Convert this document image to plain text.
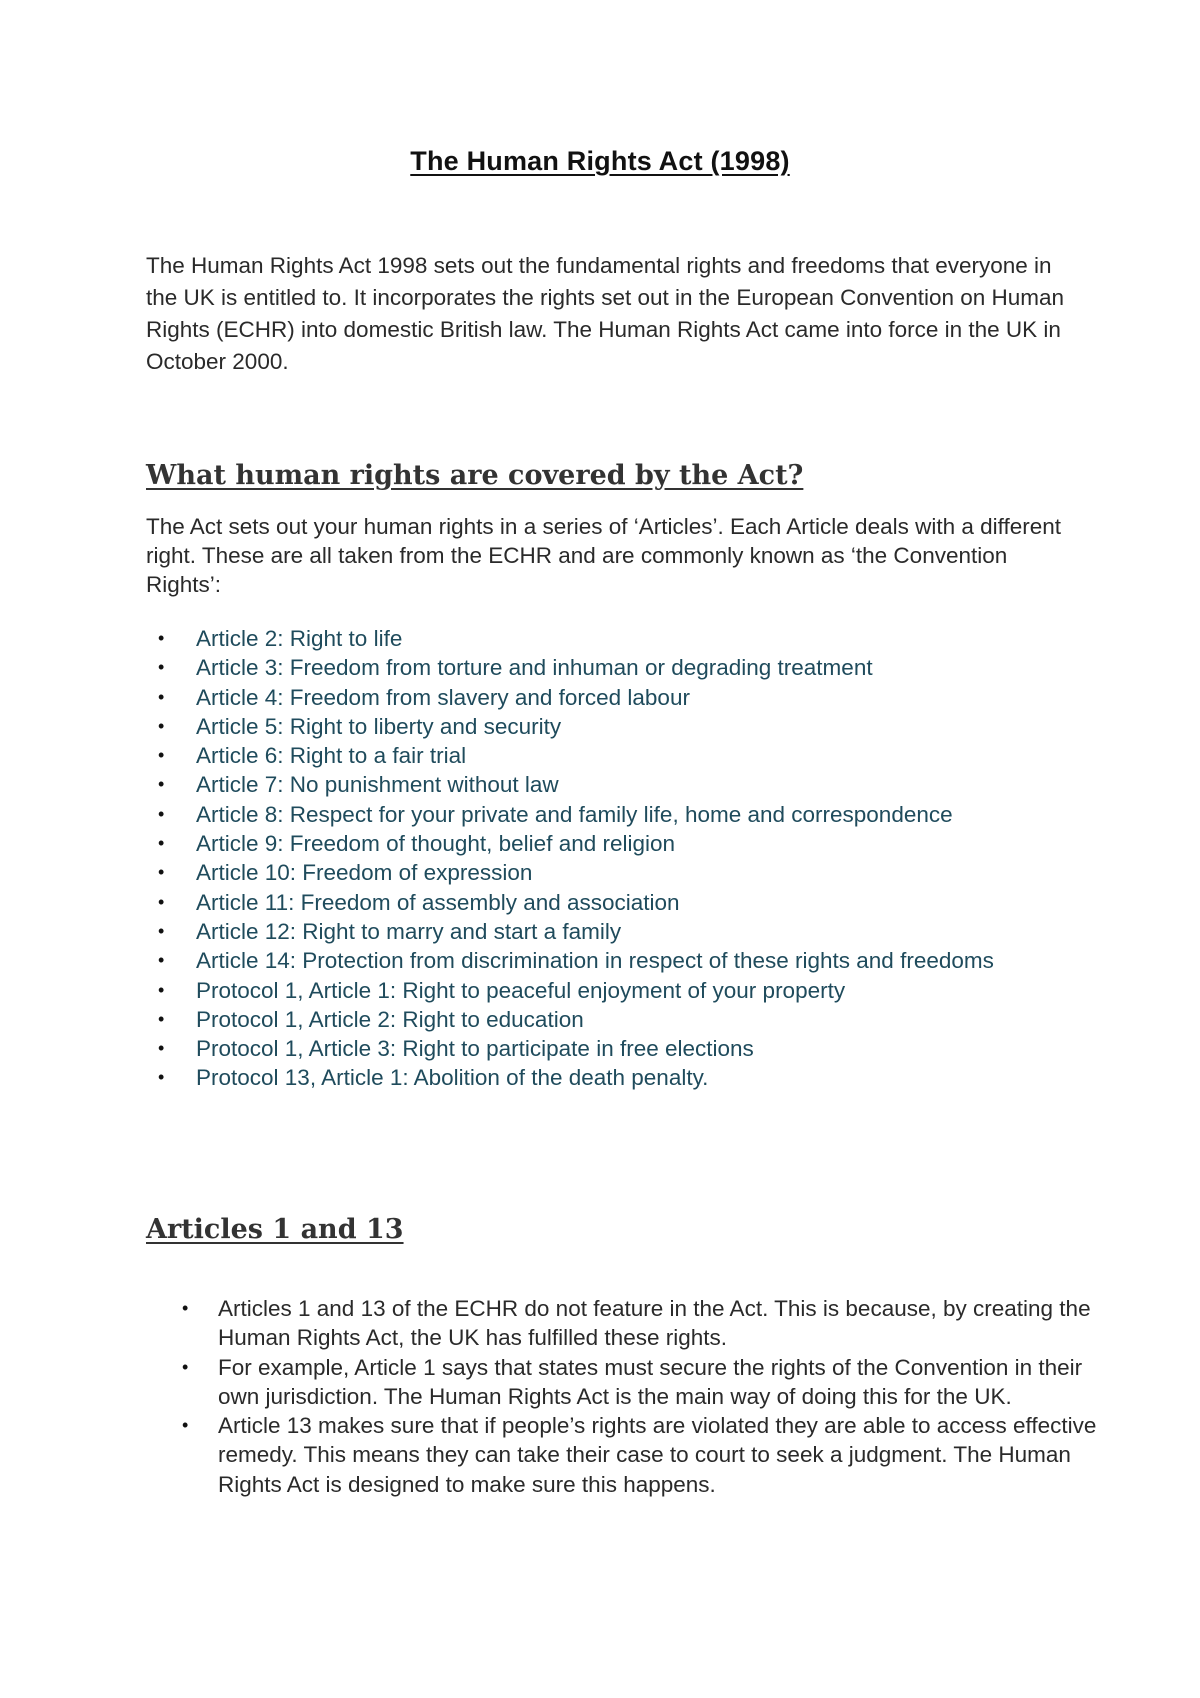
The Human Rights Act (1998)

The Human Rights Act 1998 sets out the fundamental rights and freedoms that everyone in the UK is entitled to. It incorporates the rights set out in the European Convention on Human Rights (ECHR) into domestic British law. The Human Rights Act came into force in the UK in October 2000.

What human rights are covered by the Act?

The Act sets out your human rights in a series of ‘Articles’. Each Article deals with a different right. These are all taken from the ECHR and are commonly known as ‘the Convention Rights’:

• Article 2: Right to life
• Article 3: Freedom from torture and inhuman or degrading treatment
• Article 4: Freedom from slavery and forced labour
• Article 5: Right to liberty and security
• Article 6: Right to a fair trial
• Article 7: No punishment without law
• Article 8: Respect for your private and family life, home and correspondence
• Article 9: Freedom of thought, belief and religion
• Article 10: Freedom of expression
• Article 11: Freedom of assembly and association
• Article 12: Right to marry and start a family
• Article 14: Protection from discrimination in respect of these rights and freedoms
• Protocol 1, Article 1: Right to peaceful enjoyment of your property
• Protocol 1, Article 2: Right to education
• Protocol 1, Article 3: Right to participate in free elections
• Protocol 13, Article 1: Abolition of the death penalty.
Articles 1 and 13
• Articles 1 and 13 of the ECHR do not feature in the Act. This is because, by creating the Human Rights Act, the UK has fulfilled these rights.
• For example, Article 1 says that states must secure the rights of the Convention in their own jurisdiction. The Human Rights Act is the main way of doing this for the UK.
• Article 13 makes sure that if people’s rights are violated they are able to access effective remedy. This means they can take their case to court to seek a judgment. The Human Rights Act is designed to make sure this happens.
